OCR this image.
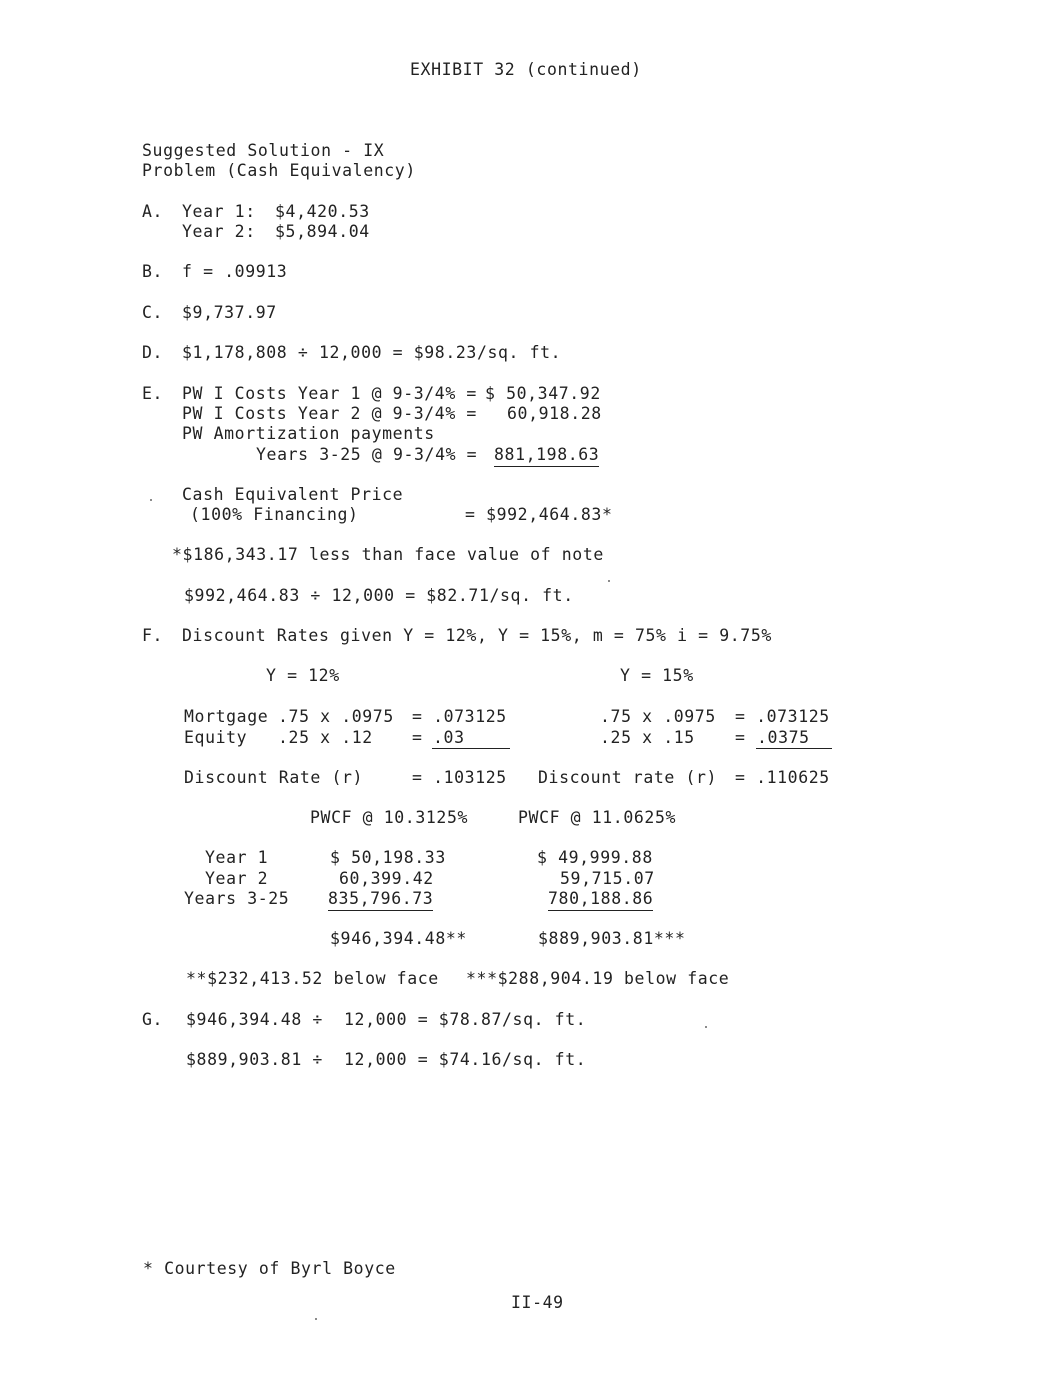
EXHIBIT 32 (continued)
Suggested Solution - IX
Problem (Cash Equivalency)
A. Year 1: $4,420.53
Year 2: $5,894.04
B. f = .09913
C. $9,737.97
D. $1,178,808 ÷ 12,000 = $98.23/sq. ft.
E. PW I Costs Year 1 @ 9-3/4% = $ 50,347.92
PW I Costs Year 2 @ 9-3/4% = 60,918.28
PW Amortization payments
Years 3-25 @ 9-3/4% = 881,198.63
Cash Equivalent Price
(100% Financing)	= $992,464.83*
*$186,343.17 less than face value of note
$992,464.83 ÷ 12,000 = $82.71/sq. ft.
F. Discount Rates given Y = 12%, Y = 15%, m = 75% i = 9.75%
Y = 12%	Y = 15%
Mortgage .75 x .0975 = .073125	.75 x .0975 = .073125
Equity .25 x .12 = .03	.25 x .15 = .0375
Discount Rate (r)	= .103125 Discount rate (r) = .110625
PWCF @ 10.3125%	PWCF @ 11.0625%
Year 1	$ 50,198.33	$ 49,999.88
Year 2	60,399.42	59,715.07
Years 3-25 835,796.73	780,188.86
$946,394.48**	$889,903.81***
**$232,413.52 below face ***$288,904.19 below face
G. $946,394.48 ÷  12,000 = $78.87/sq. ft.
$889,903.81 ÷  12,000 = $74.16/sq. ft.
* Courtesy of Byrl Boyce
II-49
